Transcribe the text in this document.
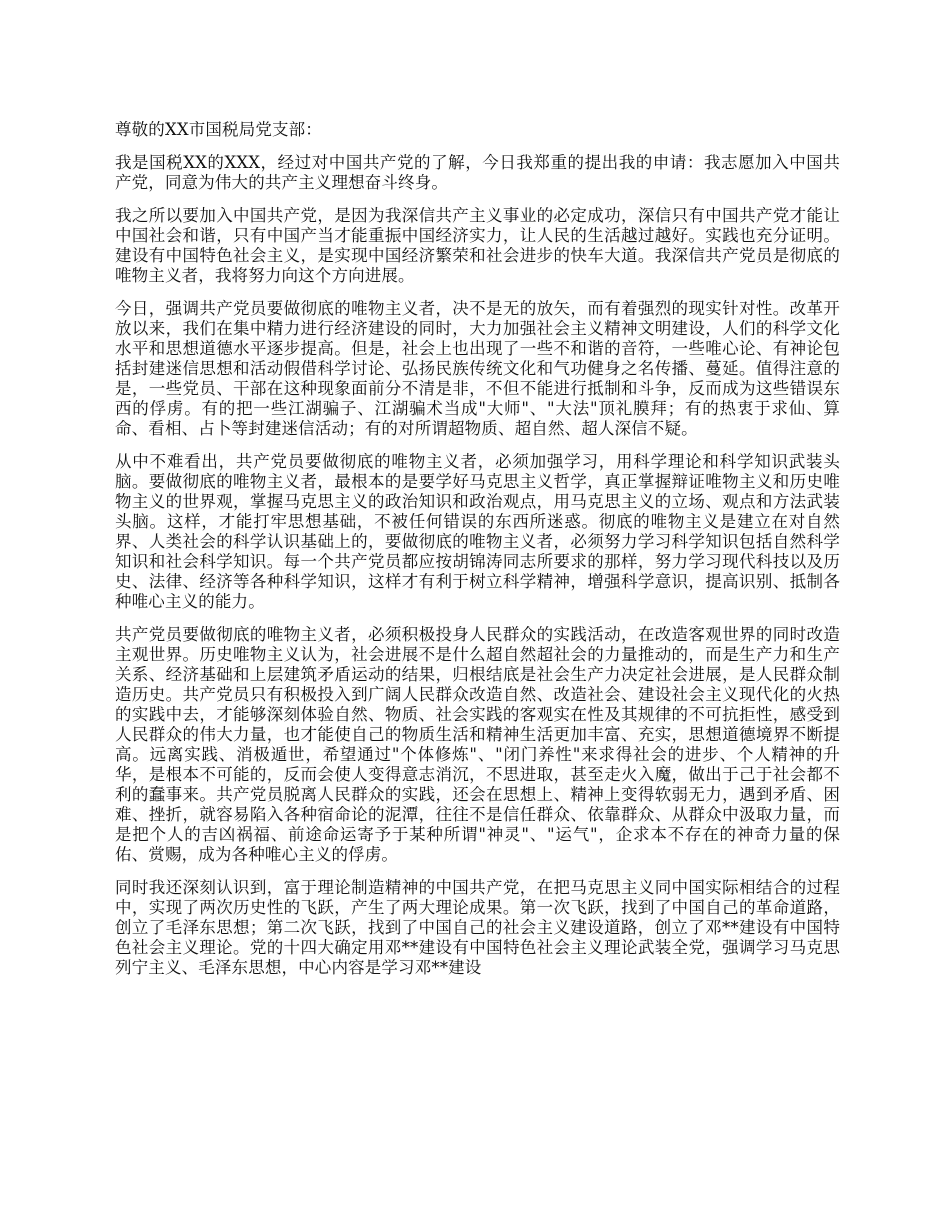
尊敬的XX市国税局党支部：

我是国税XX的XXX，经过对中国共产党的了解，今日我郑重的提出我的申请：我志愿加入中国共产党，同意为伟大的共产主义理想奋斗终身。

我之所以要加入中国共产党，是因为我深信共产主义事业的必定成功，深信只有中国共产党才能让中国社会和谐，只有中国产当才能重振中国经济实力，让人民的生活越过越好。实践也充分证明。建设有中国特色社会主义，是实现中国经济繁荣和社会进步的快车大道。我深信共产党员是彻底的唯物主义者，我将努力向这个方向进展。

今日，强调共产党员要做彻底的唯物主义者，决不是无的放矢，而有着强烈的现实针对性。改革开放以来，我们在集中精力进行经济建设的同时，大力加强社会主义精神文明建设，人们的科学文化水平和思想道德水平逐步提高。但是，社会上也出现了一些不和谐的音符，一些唯心论、有神论包括封建迷信思想和活动假借科学讨论、弘扬民族传统文化和气功健身之名传播、蔓延。值得注意的是，一些党员、干部在这种现象面前分不清是非，不但不能进行抵制和斗争，反而成为这些错误东西的俘虏。有的把一些江湖骗子、江湖骗术当成"大师"、"大法"顶礼膜拜；有的热衷于求仙、算命、看相、占卜等封建迷信活动；有的对所谓超物质、超自然、超人深信不疑。

从中不难看出，共产党员要做彻底的唯物主义者，必须加强学习，用科学理论和科学知识武装头脑。要做彻底的唯物主义者，最根本的是要学好马克思主义哲学，真正掌握辩证唯物主义和历史唯物主义的世界观，掌握马克思主义的政治知识和政治观点，用马克思主义的立场、观点和方法武装头脑。这样，才能打牢思想基础，不被任何错误的东西所迷惑。彻底的唯物主义是建立在对自然界、人类社会的科学认识基础上的，要做彻底的唯物主义者，必须努力学习科学知识包括自然科学知识和社会科学知识。每一个共产党员都应按胡锦涛同志所要求的那样，努力学习现代科技以及历史、法律、经济等各种科学知识，这样才有利于树立科学精神，增强科学意识，提高识别、抵制各种唯心主义的能力。

共产党员要做彻底的唯物主义者，必须积极投身人民群众的实践活动，在改造客观世界的同时改造主观世界。历史唯物主义认为，社会进展不是什么超自然超社会的力量推动的，而是生产力和生产关系、经济基础和上层建筑矛盾运动的结果，归根结底是社会生产力决定社会进展，是人民群众制造历史。共产党员只有积极投入到广阔人民群众改造自然、改造社会、建设社会主义现代化的火热的实践中去，才能够深刻体验自然、物质、社会实践的客观实在性及其规律的不可抗拒性，感受到人民群众的伟大力量，也才能使自己的物质生活和精神生活更加丰富、充实，思想道德境界不断提高。远离实践、消极遁世，希望通过"个体修炼"、"闭门养性"来求得社会的进步、个人精神的升华，是根本不可能的，反而会使人变得意志消沉，不思进取，甚至走火入魔，做出于己于社会都不利的蠢事来。共产党员脱离人民群众的实践，还会在思想上、精神上变得软弱无力，遇到矛盾、困难、挫折，就容易陷入各种宿命论的泥潭，往往不是信任群众、依靠群众、从群众中汲取力量，而是把个人的吉凶祸福、前途命运寄予于某种所谓"神灵"、"运气"，企求本不存在的神奇力量的保佑、赏赐，成为各种唯心主义的俘虏。

同时我还深刻认识到，富于理论制造精神的中国共产党，在把马克思主义同中国实际相结合的过程中，实现了两次历史性的飞跃，产生了两大理论成果。第一次飞跃，找到了中国自己的革命道路，创立了毛泽东思想；第二次飞跃，找到了中国自己的社会主义建设道路，创立了邓**建设有中国特色社会主义理论。党的十四大确定用邓**建设有中国特色社会主义理论武装全党，强调学习马克思列宁主义、毛泽东思想，中心内容是学习邓**建设
